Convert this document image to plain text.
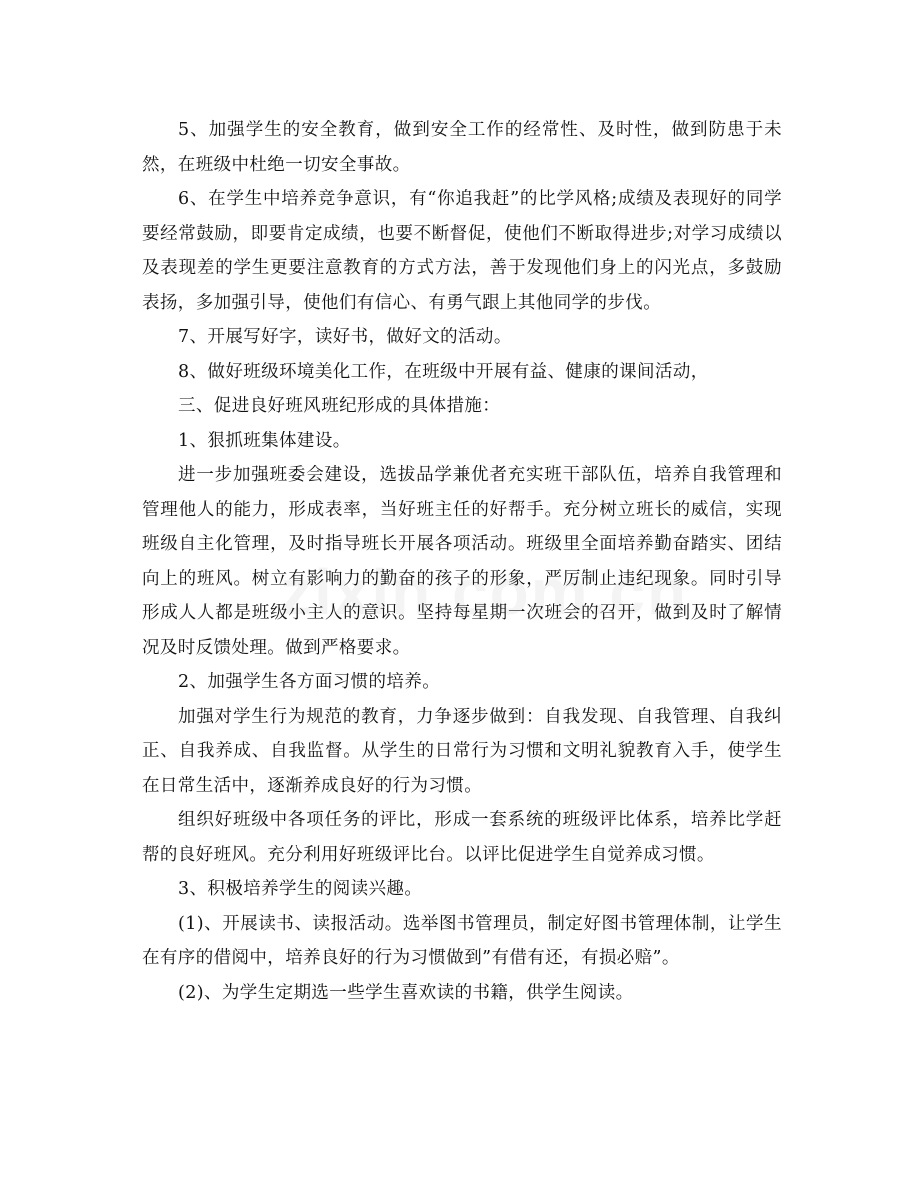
5、加强学生的安全教育，做到安全工作的经常性、及时性，做到防患于未然，在班级中杜绝一切安全事故。

6、在学生中培养竞争意识，有“你追我赶”的比学风格;成绩及表现好的同学要经常鼓励，即要肯定成绩，也要不断督促，使他们不断取得进步;对学习成绩以及表现差的学生更要注意教育的方式方法，善于发现他们身上的闪光点，多鼓励表扬，多加强引导，使他们有信心、有勇气跟上其他同学的步伐。

7、开展写好字，读好书，做好文的活动。

8、做好班级环境美化工作，在班级中开展有益、健康的课间活动，

三、促进良好班风班纪形成的具体措施：

1、狠抓班集体建设。

进一步加强班委会建设，选拔品学兼优者充实班干部队伍，培养自我管理和管理他人的能力，形成表率，当好班主任的好帮手。充分树立班长的威信，实现班级自主化管理，及时指导班长开展各项活动。班级里全面培养勤奋踏实、团结向上的班风。树立有影响力的勤奋的孩子的形象，严厉制止违纪现象。同时引导形成人人都是班级小主人的意识。坚持每星期一次班会的召开，做到及时了解情况及时反馈处理。做到严格要求。

2、加强学生各方面习惯的培养。

加强对学生行为规范的教育，力争逐步做到：自我发现、自我管理、自我纠正、自我养成、自我监督。从学生的日常行为习惯和文明礼貌教育入手，使学生在日常生活中，逐渐养成良好的行为习惯。

组织好班级中各项任务的评比，形成一套系统的班级评比体系，培养比学赶帮的良好班风。充分利用好班级评比台。以评比促进学生自觉养成习惯。

3、积极培养学生的阅读兴趣。

(1)、开展读书、读报活动。选举图书管理员，制定好图书管理体制，让学生在有序的借阅中，培养良好的行为习惯做到”有借有还，有损必赔”。

(2)、为学生定期选一些学生喜欢读的书籍，供学生阅读。
